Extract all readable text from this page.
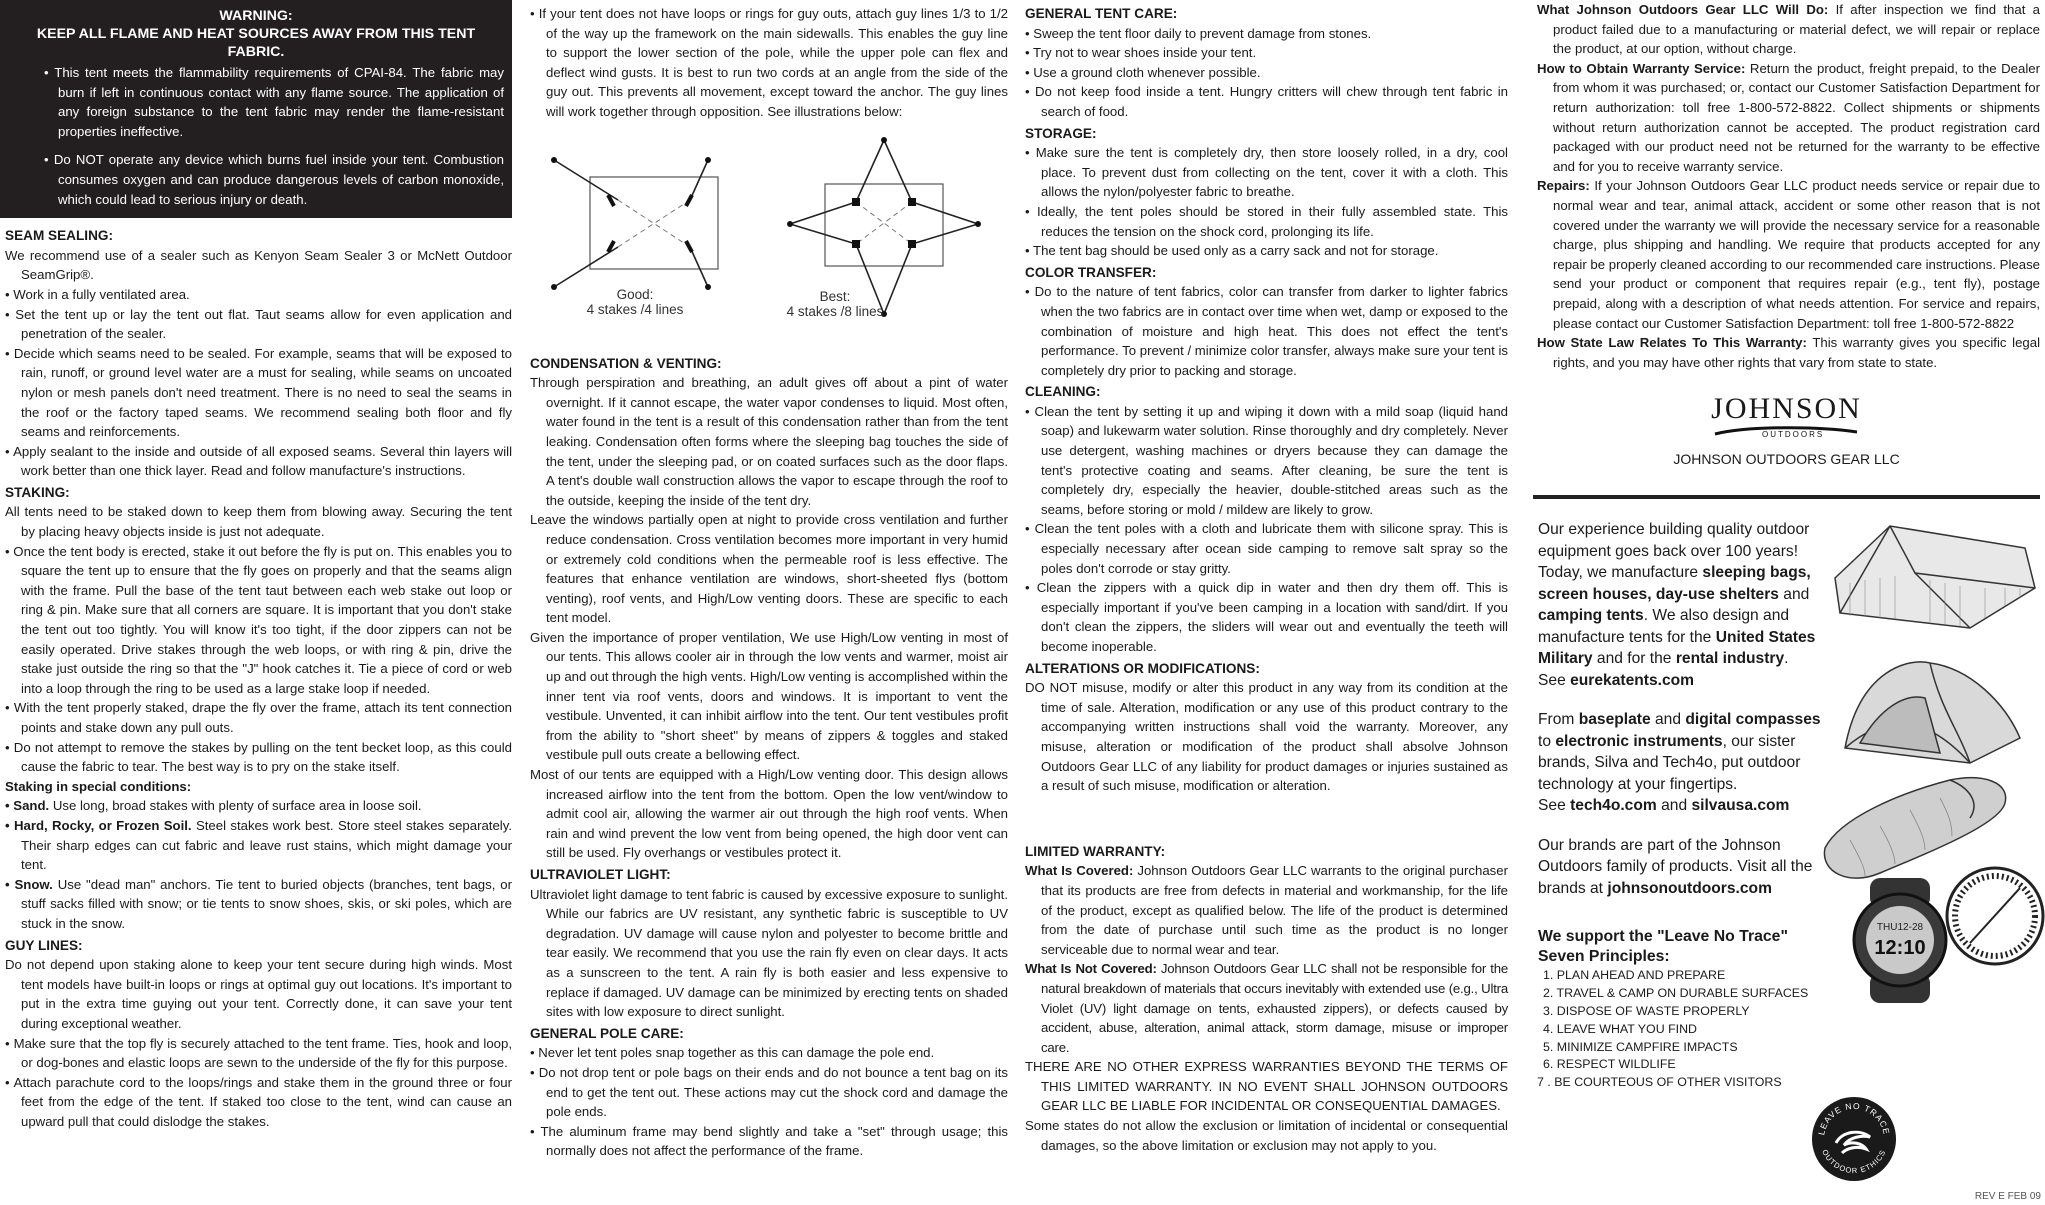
WARNING:
KEEP ALL FLAME AND HEAT SOURCES AWAY FROM THIS TENT FABRIC.

• This tent meets the flammability requirements of CPAI-84. The fabric may burn if left in continuous contact with any flame source. The application of any foreign substance to the tent fabric may render the flame-resistant properties ineffective.

• Do NOT operate any device which burns fuel inside your tent. Combustion consumes oxygen and can produce dangerous levels of carbon monoxide, which could lead to serious injury or death.

SEAM SEALING:

We recommend use of a sealer such as Kenyon Seam Sealer 3 or McNett Outdoor SeamGrip®.

• Work in a fully ventilated area.

• Set the tent up or lay the tent out flat. Taut seams allow for even application and penetration of the sealer.

• Decide which seams need to be sealed. For example, seams that will be exposed to rain, runoff, or ground level water are a must for sealing, while seams on uncoated nylon or mesh panels don't need treatment. There is no need to seal the seams in the roof or the factory taped seams. We recommend sealing both floor and fly seams and reinforcements.

• Apply sealant to the inside and outside of all exposed seams. Several thin layers will work better than one thick layer. Read and follow manufacture's instructions.

STAKING:

All tents need to be staked down to keep them from blowing away. Securing the tent by placing heavy objects inside is just not adequate.

• Once the tent body is erected, stake it out before the fly is put on. This enables you to square the tent up to ensure that the fly goes on properly and that the seams align with the frame. Pull the base of the tent taut between each web stake out loop or ring & pin. Make sure that all corners are square. It is important that you don't stake the tent out too tightly. You will know it's too tight, if the door zippers can not be easily operated. Drive stakes through the web loops, or with ring & pin, drive the stake just outside the ring so that the "J" hook catches it. Tie a piece of cord or web into a loop through the ring to be used as a large stake loop if needed.

• With the tent properly staked, drape the fly over the frame, attach its tent connection points and stake down any pull outs.

• Do not attempt to remove the stakes by pulling on the tent becket loop, as this could cause the fabric to tear. The best way is to pry on the stake itself.

Staking in special conditions:

• Sand. Use long, broad stakes with plenty of surface area in loose soil.

• Hard, Rocky, or Frozen Soil. Steel stakes work best. Store steel stakes separately. Their sharp edges can cut fabric and leave rust stains, which might damage your tent.

• Snow. Use "dead man" anchors. Tie tent to buried objects (branches, tent bags, or stuff sacks filled with snow; or tie tents to snow shoes, skis, or ski poles, which are stuck in the snow.

GUY LINES:

Do not depend upon staking alone to keep your tent secure during high winds. Most tent models have built-in loops or rings at optimal guy out locations. It's important to put in the extra time guying out your tent. Correctly done, it can save your tent during exceptional weather.

• Make sure that the top fly is securely attached to the tent frame. Ties, hook and loop, or dog-bones and elastic loops are sewn to the underside of the fly for this purpose.

• Attach parachute cord to the loops/rings and stake them in the ground three or four feet from the edge of the tent. If staked too close to the tent, wind can cause an upward pull that could dislodge the stakes.

• If your tent does not have loops or rings for guy outs, attach guy lines 1/3 to 1/2 of the way up the framework on the main sidewalls. This enables the guy line to support the lower section of the pole, while the upper pole can flex and deflect wind gusts. It is best to run two cords at an angle from the side of the guy out. This prevents all movement, except toward the anchor. The guy lines will work together through opposition. See illustrations below:

Good:
4 stakes /4 lines
Best:
4 stakes /8 lines

CONDENSATION & VENTING:

Through perspiration and breathing, an adult gives off about a pint of water overnight. If it cannot escape, the water vapor condenses to liquid. Most often, water found in the tent is a result of this condensation rather than from the tent leaking. Condensation often forms where the sleeping bag touches the side of the tent, under the sleeping pad, or on coated surfaces such as the door flaps. A tent's double wall construction allows the vapor to escape through the roof to the outside, keeping the inside of the tent dry.

Leave the windows partially open at night to provide cross ventilation and further reduce condensation. Cross ventilation becomes more important in very humid or extremely cold conditions when the permeable roof is less effective. The features that enhance ventilation are windows, short-sheeted flys (bottom venting), roof vents, and High/Low venting doors. These are specific to each tent model.

Given the importance of proper ventilation, We use High/Low venting in most of our tents. This allows cooler air in through the low vents and warmer, moist air up and out through the high vents. High/Low venting is accomplished within the inner tent via roof vents, doors and windows. It is important to vent the vestibule. Unvented, it can inhibit airflow into the tent. Our tent vestibules profit from the ability to "short sheet" by means of zippers & toggles and staked vestibule pull outs create a bellowing effect.

Most of our tents are equipped with a High/Low venting door. This design allows increased airflow into the tent from the bottom. Open the low vent/window to admit cool air, allowing the warmer air out through the high roof vents. When rain and wind prevent the low vent from being opened, the high door vent can still be used. Fly overhangs or vestibules protect it.

ULTRAVIOLET LIGHT:

Ultraviolet light damage to tent fabric is caused by excessive exposure to sunlight. While our fabrics are UV resistant, any synthetic fabric is susceptible to UV degradation. UV damage will cause nylon and polyester to become brittle and tear easily. We recommend that you use the rain fly even on clear days. It acts as a sunscreen to the tent. A rain fly is both easier and less expensive to replace if damaged. UV damage can be minimized by erecting tents on shaded sites with low exposure to direct sunlight.

GENERAL POLE CARE:

• Never let tent poles snap together as this can damage the pole end.

• Do not drop tent or pole bags on their ends and do not bounce a tent bag on its end to get the tent out. These actions may cut the shock cord and damage the pole ends.

• The aluminum frame may bend slightly and take a "set" through usage; this normally does not affect the performance of the frame.

GENERAL TENT CARE:

• Sweep the tent floor daily to prevent damage from stones.

• Try not to wear shoes inside your tent.

• Use a ground cloth whenever possible.

• Do not keep food inside a tent. Hungry critters will chew through tent fabric in search of food.

STORAGE:

• Make sure the tent is completely dry, then store loosely rolled, in a dry, cool place. To prevent dust from collecting on the tent, cover it with a cloth. This allows the nylon/polyester fabric to breathe.

• Ideally, the tent poles should be stored in their fully assembled state. This reduces the tension on the shock cord, prolonging its life.

• The tent bag should be used only as a carry sack and not for storage.

COLOR TRANSFER:

• Do to the nature of tent fabrics, color can transfer from darker to lighter fabrics when the two fabrics are in contact over time when wet, damp or exposed to the combination of moisture and high heat. This does not effect the tent's performance. To prevent / minimize color transfer, always make sure your tent is completely dry prior to packing and storage.

CLEANING:

• Clean the tent by setting it up and wiping it down with a mild soap (liquid hand soap) and lukewarm water solution. Rinse thoroughly and dry completely. Never use detergent, washing machines or dryers because they can damage the tent's protective coating and seams. After cleaning, be sure the tent is completely dry, especially the heavier, double-stitched areas such as the seams, before storing or mold / mildew are likely to grow.

• Clean the tent poles with a cloth and lubricate them with silicone spray. This is especially necessary after ocean side camping to remove salt spray so the poles don't corrode or stay gritty.

• Clean the zippers with a quick dip in water and then dry them off. This is especially important if you've been camping in a location with sand/dirt. If you don't clean the zippers, the sliders will wear out and eventually the teeth will become inoperable.

ALTERATIONS OR MODIFICATIONS:

DO NOT misuse, modify or alter this product in any way from its condition at the time of sale. Alteration, modification or any use of this product contrary to the accompanying written instructions shall void the warranty. Moreover, any misuse, alteration or modification of the product shall absolve Johnson Outdoors Gear LLC of any liability for product damages or injuries sustained as a result of such misuse, modification or alteration.

LIMITED WARRANTY:

What Is Covered: Johnson Outdoors Gear LLC warrants to the original purchaser that its products are free from defects in material and workmanship, for the life of the product, except as qualified below. The life of the product is determined from the date of purchase until such time as the product is no longer serviceable due to normal wear and tear.

What Is Not Covered: Johnson Outdoors Gear LLC shall not be responsible for the natural breakdown of materials that occurs inevitably with extended use (e.g., Ultra Violet (UV) light damage on tents, exhausted zippers), or defects caused by accident, abuse, alteration, animal attack, storm damage, misuse or improper care.

THERE ARE NO OTHER EXPRESS WARRANTIES BEYOND THE TERMS OF THIS LIMITED WARRANTY. IN NO EVENT SHALL JOHNSON OUTDOORS GEAR LLC BE LIABLE FOR INCIDENTAL OR CONSEQUENTIAL DAMAGES.

Some states do not allow the exclusion or limitation of incidental or consequential damages, so the above limitation or exclusion may not apply to you.

What Johnson Outdoors Gear LLC Will Do: If after inspection we find that a product failed due to a manufacturing or material defect, we will repair or replace the product, at our option, without charge.

How to Obtain Warranty Service: Return the product, freight prepaid, to the Dealer from whom it was purchased; or, contact our Customer Satisfaction Department for return authorization: toll free 1-800-572-8822. Collect shipments or shipments without return authorization cannot be accepted. The product registration card packaged with our product need not be returned for the warranty to be effective and for you to receive warranty service.

Repairs: If your Johnson Outdoors Gear LLC product needs service or repair due to normal wear and tear, animal attack, accident or some other reason that is not covered under the warranty we will provide the necessary service for a reasonable charge, plus shipping and handling. We require that products accepted for any repair be properly cleaned according to our recommended care instructions. Please send your product or component that requires repair (e.g., tent fly), postage prepaid, along with a description of what needs attention. For service and repairs, please contact our Customer Satisfaction Department: toll free 1-800-572-8822

How State Law Relates To This Warranty: This warranty gives you specific legal rights, and you may have other rights that vary from state to state.

JOHNSON
OUTDOORS
JOHNSON OUTDOORS GEAR LLC

Our experience building quality outdoor equipment goes back over 100 years! Today, we manufacture sleeping bags, screen houses, day-use shelters and camping tents. We also design and manufacture tents for the United States Military and for the rental industry.
See eurekatents.com

From baseplate and digital compasses to electronic instruments, our sister brands, Silva and Tech4o, put outdoor technology at your fingertips.
See tech4o.com and silvausa.com

Our brands are part of the Johnson Outdoors family of products. Visit all the brands at johnsonoutdoors.com

We support the "Leave No Trace"
Seven Principles:
1. PLAN AHEAD AND PREPARE
2. TRAVEL & CAMP ON DURABLE SURFACES
3. DISPOSE OF WASTE PROPERLY
4. LEAVE WHAT YOU FIND
5. MINIMIZE CAMPFIRE IMPACTS
6. RESPECT WILDLIFE
7 . BE COURTEOUS OF OTHER VISITORS
THU12-28
12:10
LEAVE NO TRACE
OUTDOOR ETHICS
REV E FEB 09
